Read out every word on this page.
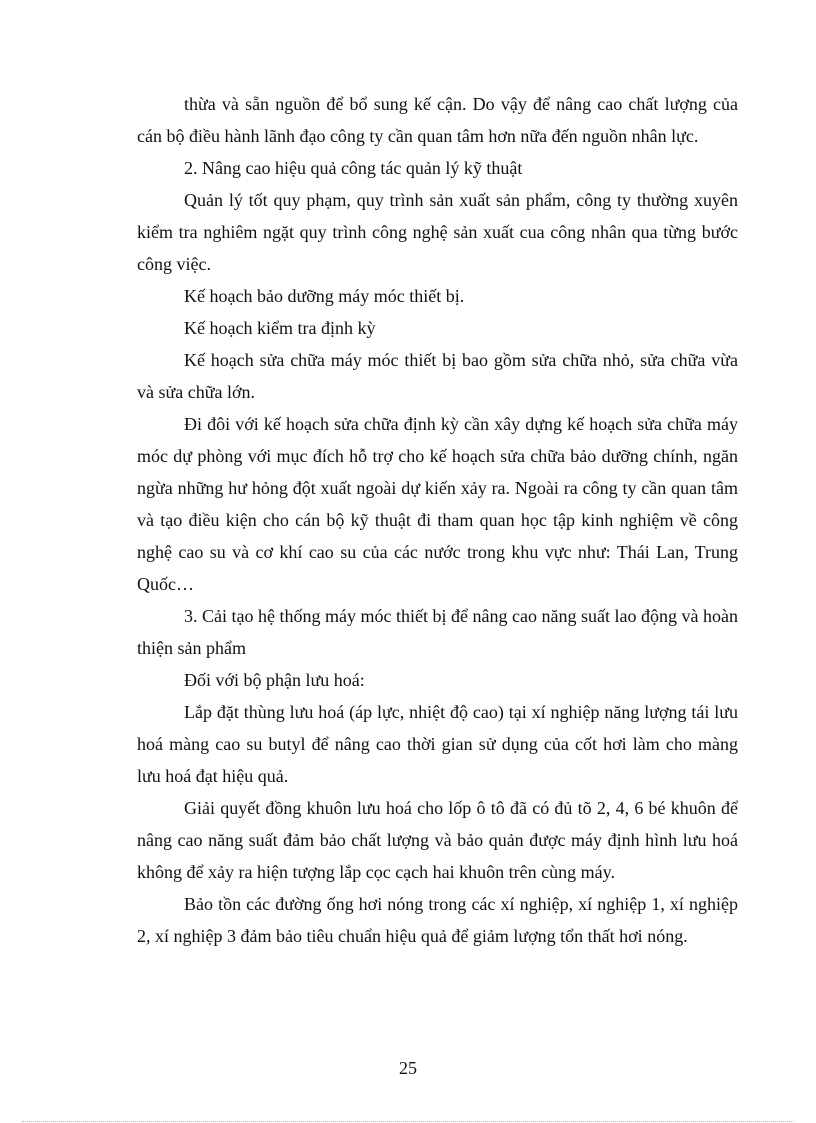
thừa và sẵn nguồn để bổ sung kế cận. Do vậy để nâng cao chất lượng của cán bộ điều hành lãnh đạo công ty cần quan tâm hơn nữa đến nguồn nhân lực.

2. Nâng cao hiệu quả công tác quản lý kỹ thuật

Quản lý tốt quy phạm, quy trình sản xuất sản phẩm, công ty thường xuyên kiểm tra nghiêm ngặt quy trình công nghệ sản xuất cua công nhân qua từng bước công việc.

Kế hoạch bảo dưỡng máy móc thiết bị.

Kế hoạch kiểm tra định kỳ

Kế hoạch sửa chữa máy móc thiết bị bao gồm sửa chữa nhỏ, sửa chữa vừa và sửa chữa lớn.

Đi đôi với kế hoạch sửa chữa định kỳ cần xây dựng kế hoạch sửa chữa máy móc dự phòng với mục đích hỗ trợ cho kế hoạch sửa chữa bảo dưỡng chính, ngăn ngừa những hư hỏng đột xuất ngoài dự kiến xảy ra. Ngoài ra công ty cần quan tâm và tạo điều kiện cho cán bộ kỹ thuật đi tham quan học tập kinh nghiệm về công nghệ cao su và cơ khí cao su của các nước trong khu vực như: Thái Lan, Trung Quốc…

3. Cải tạo hệ thống máy móc thiết bị để nâng cao năng suất lao động và hoàn thiện sản phẩm

Đối với bộ phận lưu hoá:

Lắp đặt thùng lưu hoá (áp lực, nhiệt độ cao) tại xí nghiệp năng lượng tái lưu hoá màng cao su butyl để nâng cao thời gian sử dụng của cốt hơi làm cho màng lưu hoá đạt hiệu quả.

Giải quyết đồng khuôn lưu hoá cho lốp ô tô đã có đủ tõ 2, 4, 6 bé khuôn để nâng cao năng suất đảm bảo chất lượng và bảo quản được máy định hình lưu hoá không để xảy ra hiện tượng lắp cọc cạch hai khuôn trên cùng máy.

Bảo tồn các đường ống hơi nóng trong các xí nghiệp, xí nghiệp 1, xí nghiệp 2, xí nghiệp 3 đảm bảo tiêu chuẩn hiệu quả để giảm lượng tổn thất hơi nóng.

25
